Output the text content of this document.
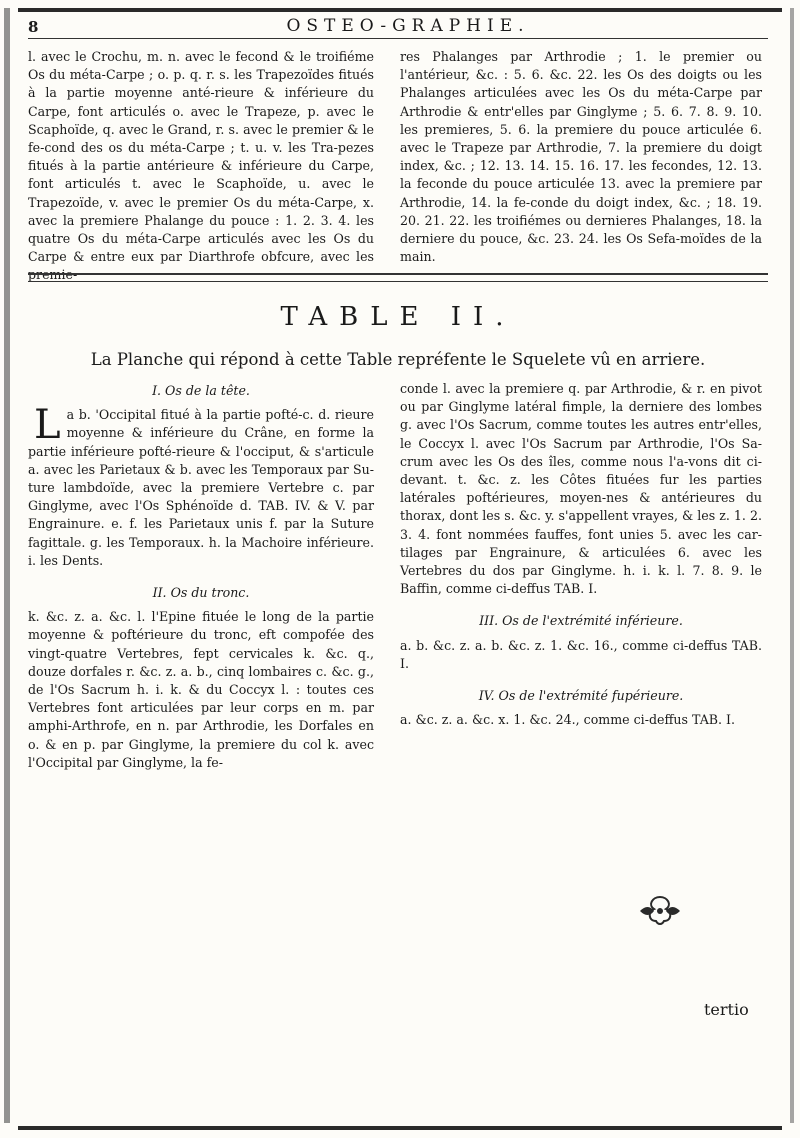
8	OSTEO-GRAPHIE.
l. avec le Crochu, m. n. avec le fecond & le troifiéme Os du méta-Carpe ; o. p. q. r. s. les Trapezoïdes fitués à la partie moyenne anté-rieure & inférieure du Carpe, font articulés o. avec le Trapeze, p. avec le Scaphoïde, q. avec le Grand, r. s. avec le premier & le fe-cond des os du méta-Carpe ; t. u. v. les Tra-pezes fitués à la partie antérieure & inférieure du Carpe, font articulés t. avec le Scaphoïde, u. avec le Trapezoïde, v. avec le premier Os du méta-Carpe, x. avec la premiere Phalange du pouce : 1. 2. 3. 4. les quatre Os du méta-Carpe articulés avec les Os du Carpe & entre eux par Diarthrofe obfcure, avec les premie-
res Phalanges par Arthrodie ; 1. le premier ou l'antérieur, &c. : 5. 6. &c. 22. les Os des doigts ou les Phalanges articulées avec les Os du méta-Carpe par Arthrodie & entr'elles par Ginglyme ; 5. 6. 7. 8. 9. 10. les premieres, 5. 6. la premiere du pouce articulée 6. avec le Trapeze par Arthrodie, 7. la premiere du doigt index, &c. ; 12. 13. 14. 15. 16. 17. les fecondes, 12. 13. la feconde du pouce articulée 13. avec la premiere par Arthrodie, 14. la fe-conde du doigt index, &c. ; 18. 19. 20. 21. 22. les troifiémes ou dernieres Phalanges, 18. la derniere du pouce, &c. 23. 24. les Os Sefa-moïdes de la main.
TABLE II.
La Planche qui répond à cette Table repréfente le Squelete vû en arriere.

I. Os de la tête.

L a b. 'Occipital fitué à la partie pofté-c. d. rieure moyenne & inférieure du Crâne, en forme la partie inférieure pofté-rieure & l'occiput, & s'articule a. avec les Parietaux & b. avec les Temporaux par Su-ture lambdoïde, avec la premiere Vertebre c. par Ginglyme, avec l'Os Sphénoïde d. TAB. IV. & V. par Engrainure. e. f. les Parietaux unis f. par la Suture fagittale. g. les Temporaux. h. la Machoire inférieure. i. les Dents.

II. Os du tronc.

k. &c. z. a. &c. l. l'Epine fituée le long de la partie moyenne & poftérieure du tronc, eft compofée des vingt-quatre Vertebres, fept cervicales k. &c. q., douze dorfales r. &c. z. a. b., cinq lombaires c. &c. g., de l'Os Sacrum h. i. k. & du Coccyx l. : toutes ces Vertebres font articulées par leur corps en m. par amphi-Arthrofe, en n. par Arthrodie, les Dorfales en o. & en p. par Ginglyme, la premiere du col k. avec l'Occipital par Ginglyme, la fe-

conde l. avec la premiere q. par Arthrodie, & r. en pivot ou par Ginglyme latéral fimple, la derniere des lombes g. avec l'Os Sacrum, comme toutes les autres entr'elles, le Coccyx l. avec l'Os Sacrum par Arthrodie, l'Os Sa-crum avec les Os des îles, comme nous l'a-vons dit ci-devant. t. &c. z. les Côtes fituées fur les parties latérales poftérieures, moyen-nes & antérieures du thorax, dont les s. &c. y. s'appellent vrayes, & les z. 1. 2. 3. 4. font nommées fauffes, font unies 5. avec les car-tilages par Engrainure, & articulées 6. avec les Vertebres du dos par Ginglyme. h. i. k. l. 7. 8. 9. le Baffin, comme ci-deffus TAB. I.

III. Os de l'extrémité inférieure.

a. b. &c. z. a. b. &c. z. 1. &c. 16., comme ci-deffus TAB. I.

IV. Os de l'extrémité fupérieure.

a. &c. z. a. &c. x. 1. &c. 24., comme ci-deffus TAB. I.

tertio
